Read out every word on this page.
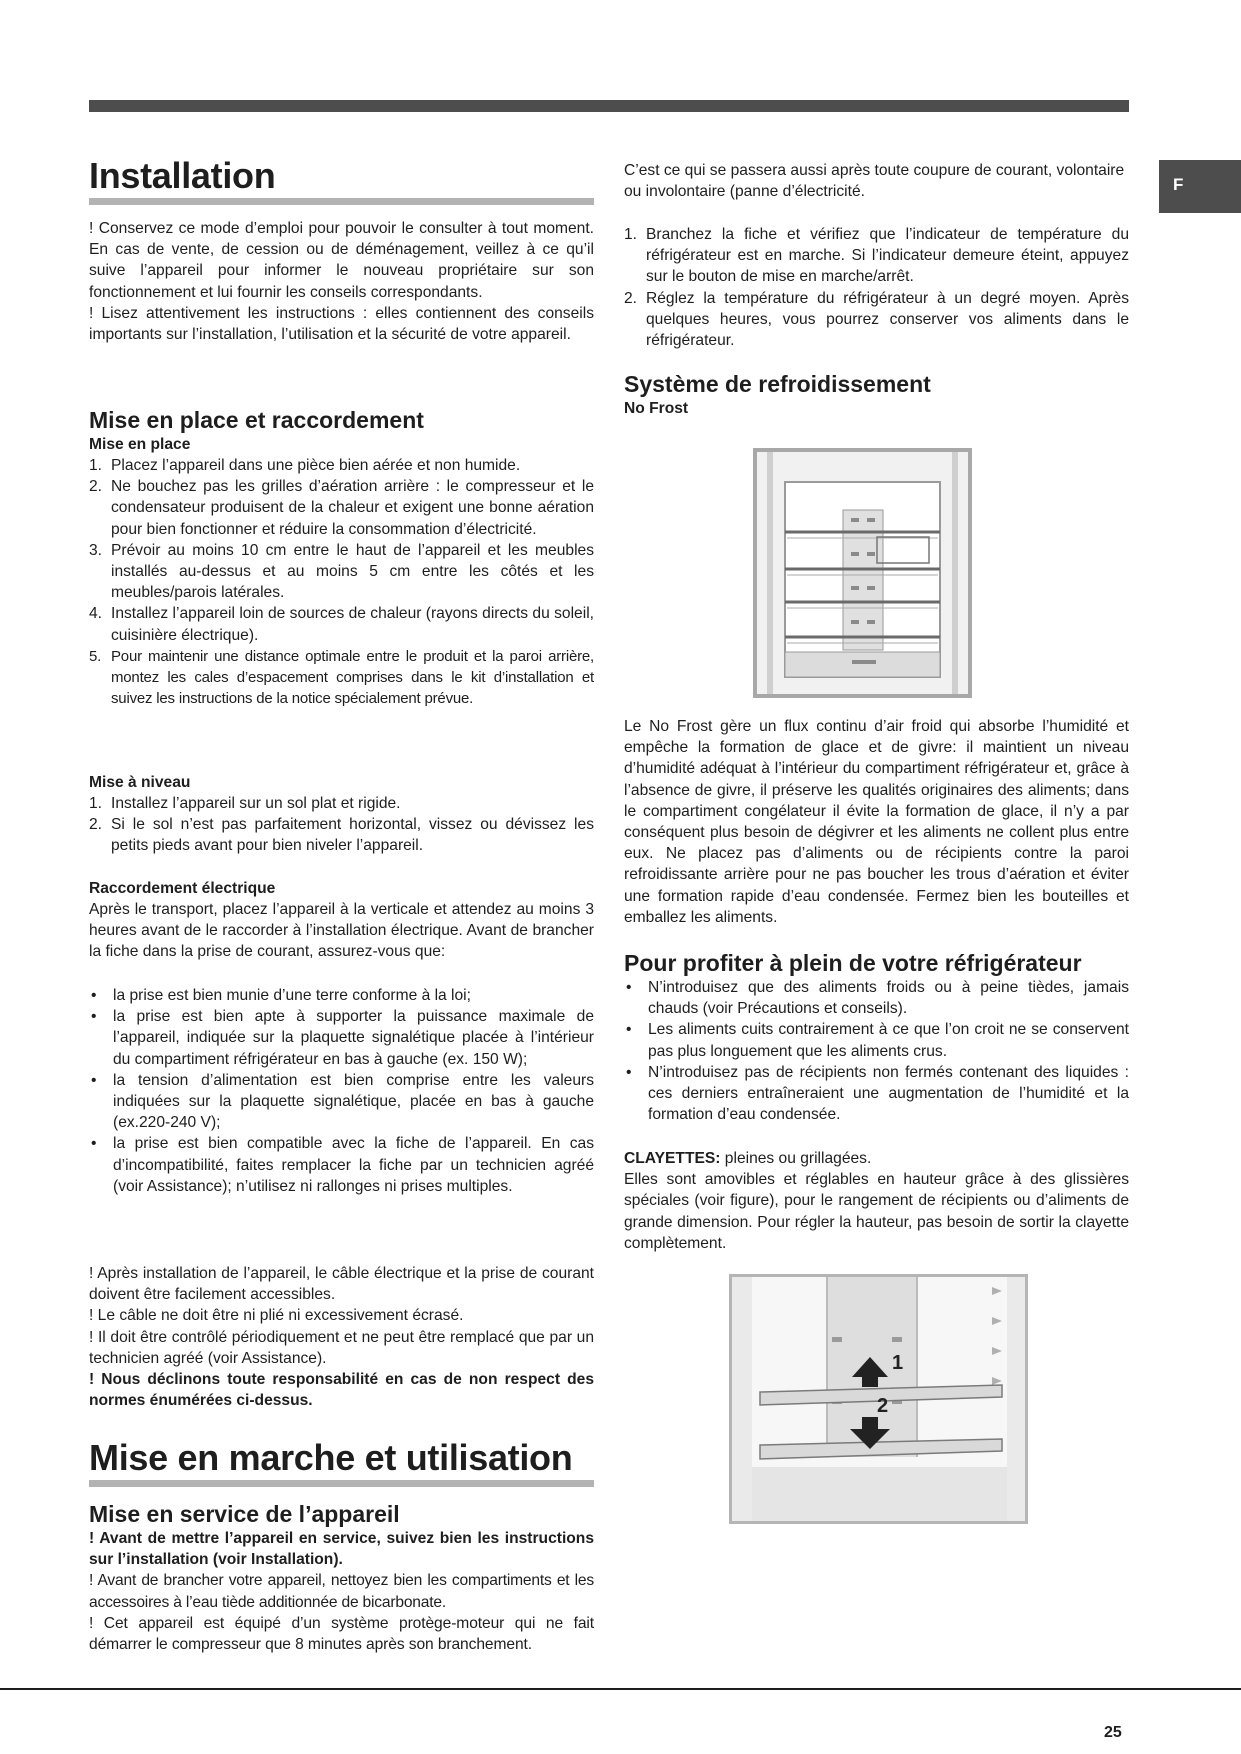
F
Installation

! Conservez ce mode d’emploi pour pouvoir le consulter à tout moment. En cas de vente, de cession ou de déménagement, veillez à ce qu’il suive l’appareil pour informer le nouveau propriétaire sur son fonctionnement et lui fournir les conseils correspondants.

! Lisez attentivement les instructions : elles contiennent des conseils importants sur l’installation, l’utilisation et la sécurité de votre appareil.

Mise en place et raccordement
Mise en place
1. Placez l’appareil dans une pièce bien aérée et non humide.
2. Ne bouchez pas les grilles d’aération arrière : le compresseur et le condensateur produisent de la chaleur et exigent une bonne aération pour bien fonctionner et réduire la consommation d’électricité.
3. Prévoir au moins 10 cm entre le haut de l’appareil et les meubles installés au-dessus et au moins 5 cm entre les côtés et les meubles/parois latérales.
4. Installez l’appareil loin de sources de chaleur (rayons directs du soleil, cuisinière électrique).
5. Pour maintenir une distance optimale entre le produit et la paroi arrière, montez les cales d’espacement comprises dans le kit d’installation et suivez les instructions de la notice spécialement prévue.
Mise à niveau
1. Installez l’appareil sur un sol plat et rigide.
2. Si le sol n’est pas parfaitement horizontal, vissez ou dévissez les petits pieds avant pour bien niveler l’appareil.
Raccordement électrique

Après le transport, placez l’appareil à la verticale et attendez au moins 3 heures avant de le raccorder à l’installation électrique. Avant de brancher la fiche dans la prise de courant, assurez-vous que:

• la prise est bien munie d’une terre conforme à la loi;
• la prise est bien apte à supporter la puissance maximale de l’appareil, indiquée sur la plaquette signalétique placée à l’intérieur du compartiment réfrigérateur en bas à gauche (ex. 150 W);
• la tension d’alimentation est bien comprise entre les valeurs indiquées sur la plaquette signalétique, placée en bas à gauche (ex.220-240 V);
• la prise est bien compatible avec la fiche de l’appareil. En cas d’incompatibilité, faites remplacer la fiche par un technicien agréé (voir Assistance); n’utilisez ni rallonges ni prises multiples.

! Après installation de l’appareil, le câble électrique et la prise de courant doivent être facilement accessibles.

! Le câble ne doit être ni plié ni excessivement écrasé.

! Il doit être contrôlé périodiquement et ne peut être remplacé que par un technicien agréé (voir Assistance).

! Nous déclinons toute responsabilité en cas de non respect des normes énumérées ci-dessus.

Mise en marche et utilisation
Mise en service de l’appareil

! Avant de mettre l’appareil en service, suivez bien les instructions sur l’installation (voir Installation).

! Avant de brancher votre appareil, nettoyez bien les compartiments et les accessoires à l’eau tiède additionnée de bicarbonate.

! Cet appareil est équipé d’un système protège-moteur qui ne fait démarrer le compresseur que 8 minutes après son branchement.

C’est ce qui se passera aussi après toute coupure de courant, volontaire ou involontaire (panne d’électricité.

1. Branchez la fiche et vérifiez que l’indicateur de température du réfrigérateur est en marche. Si l’indicateur demeure éteint, appuyez sur le bouton de mise en marche/arrêt.
2. Réglez la température du réfrigérateur à un degré moyen. Après quelques heures, vous pourrez conserver vos aliments dans le réfrigérateur.
Système de refroidissement
No Frost

Le No Frost gère un flux continu d’air froid qui absorbe l’humidité et empêche la formation de glace et de givre: il maintient un niveau d’humidité adéquat à l’intérieur du compartiment réfrigérateur et, grâce à l’absence de givre, il préserve les qualités originaires des aliments; dans le compartiment congélateur il évite la formation de glace, il n’y a par conséquent plus besoin de dégivrer et les aliments ne collent plus entre eux. Ne placez pas d’aliments ou de récipients contre la paroi refroidissante arrière pour ne pas boucher les trous d’aération et éviter une formation rapide d’eau condensée. Fermez bien les bouteilles et emballez les aliments.

Pour profiter à plein de votre réfrigérateur
• N’introduisez que des aliments froids ou à peine tièdes, jamais chauds (voir Précautions et conseils).
• Les aliments cuits contrairement à ce que l’on croit ne se conservent pas plus longuement que les aliments crus.
• N’introduisez pas de récipients non fermés contenant des liquides : ces derniers entraîneraient une augmentation de l’humidité et la formation d’eau condensée.

CLAYETTES: pleines ou grillagées.

Elles sont amovibles et réglables en hauteur grâce à des glissières spéciales (voir figure), pour le rangement de récipients ou d’aliments de grande dimension. Pour régler la hauteur, pas besoin de sortir la clayette complètement.

1
2
25
